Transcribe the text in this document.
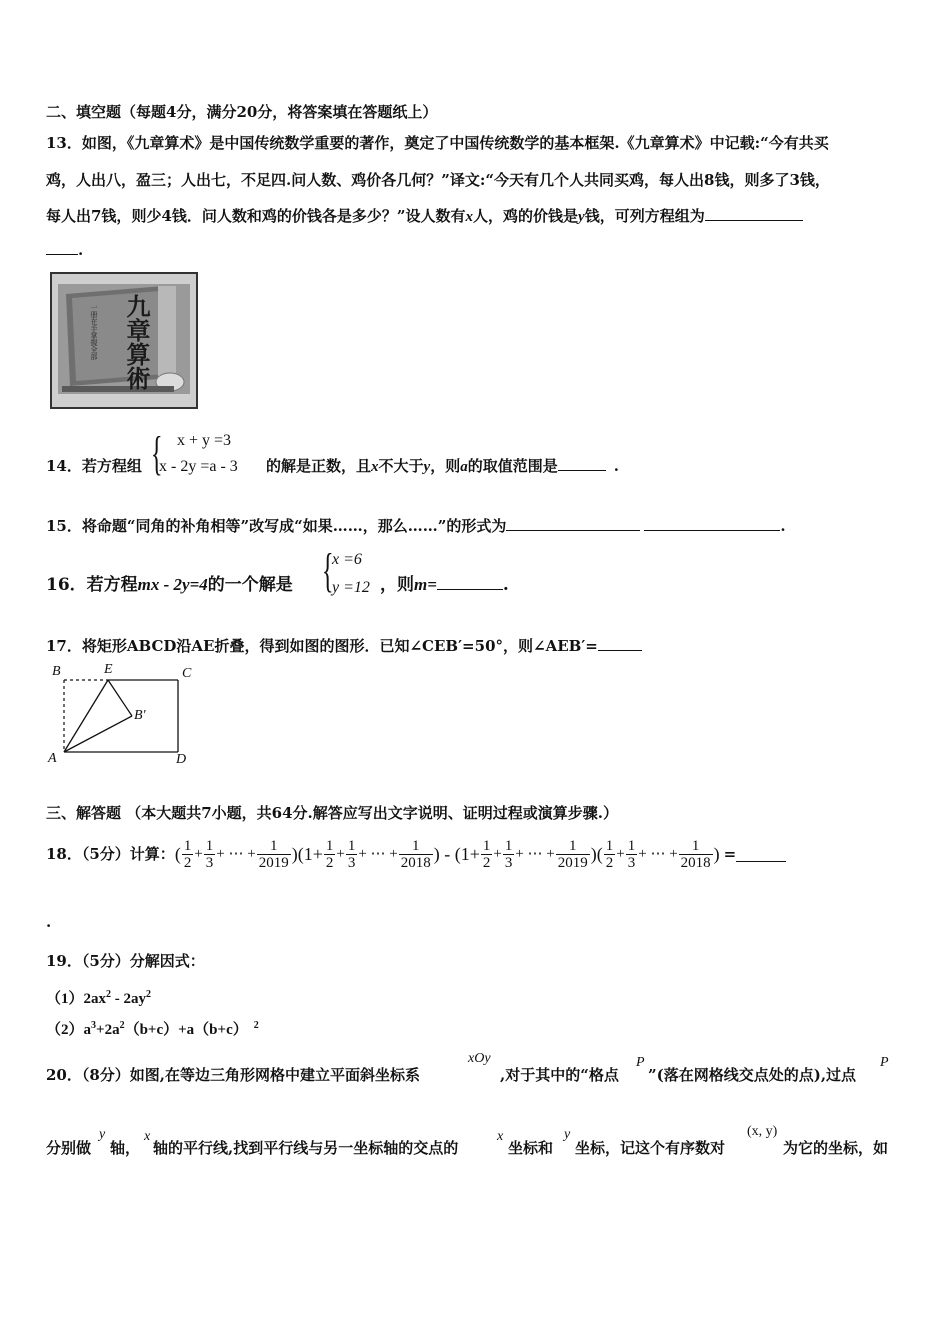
二、填空题（每题4分，满分20分，将答案填在答题纸上）
13．如图，《九章算术》是中国传统数学重要的著作，奠定了中国传统数学的基本框架.《九章算术》中记载:“今有共买
鸡，人出八，盈三；人出七，不足四.问人数、鸡价各几何？”译文:“今天有几个人共同买鸡，每人出8钱，则多了3钱，
每人出7钱，则少4钱．问人数和鸡的价钱各是多少？”设人数有x人，鸡的价钱是y钱，可列方程组为
.
九章算術
一册在手掌握全部
{ x + y =3
x - 2y =a - 3
14．若方程组	的解是正数，且x不大于y，则a的取值范围是	.
15．将命题“同角的补角相等”改写成“如果……，那么……”的形式为	.
16．若方程mx - 2y=4的一个解是 {
x =6
y =12 ，则m=	.
17．将矩形ABCD沿AE折叠，得到如图的图形．已知∠CEB′=50°，则∠AEB′=
B	E	C
B′
A	D
三、解答题 （本大题共7小题，共64分.解答应写出文字说明、证明过程或演算步骤.）
18．（5分）计算： ( $\frac{1}{2} + \frac{1}{3}$ + ⋯ + $\frac{1}{2019} )(1+ \frac{1}{2} + \frac{1}{3}$ + ⋯ + $\frac{1}{2018}$ ) - ($1+ \frac{1}{2} + \frac{1}{3}$ + ⋯ + $\frac{1}{2019}$ )( $\frac{1}{2} + \frac{1}{3}$ + ⋯ + $\frac{1}{2018}$ ) =
.
19．（5分）分解因式：
$(1)2ax^2 - 2ay^2$
$(2)a^3+2a^2(b+c)+a(b+c)$ $^2$
20．（8分）如图,在等边三角形网格中建立平面斜坐标系
xOy
,对于其中的“格点
P
”(落在网格线交点处的点),过点
P
分别做
y
轴，
x
轴的平行线,找到平行线与另一坐标轴的交点的
x
坐标和
y
坐标，记这个有序数对
(x, y)
为它的坐标，如
